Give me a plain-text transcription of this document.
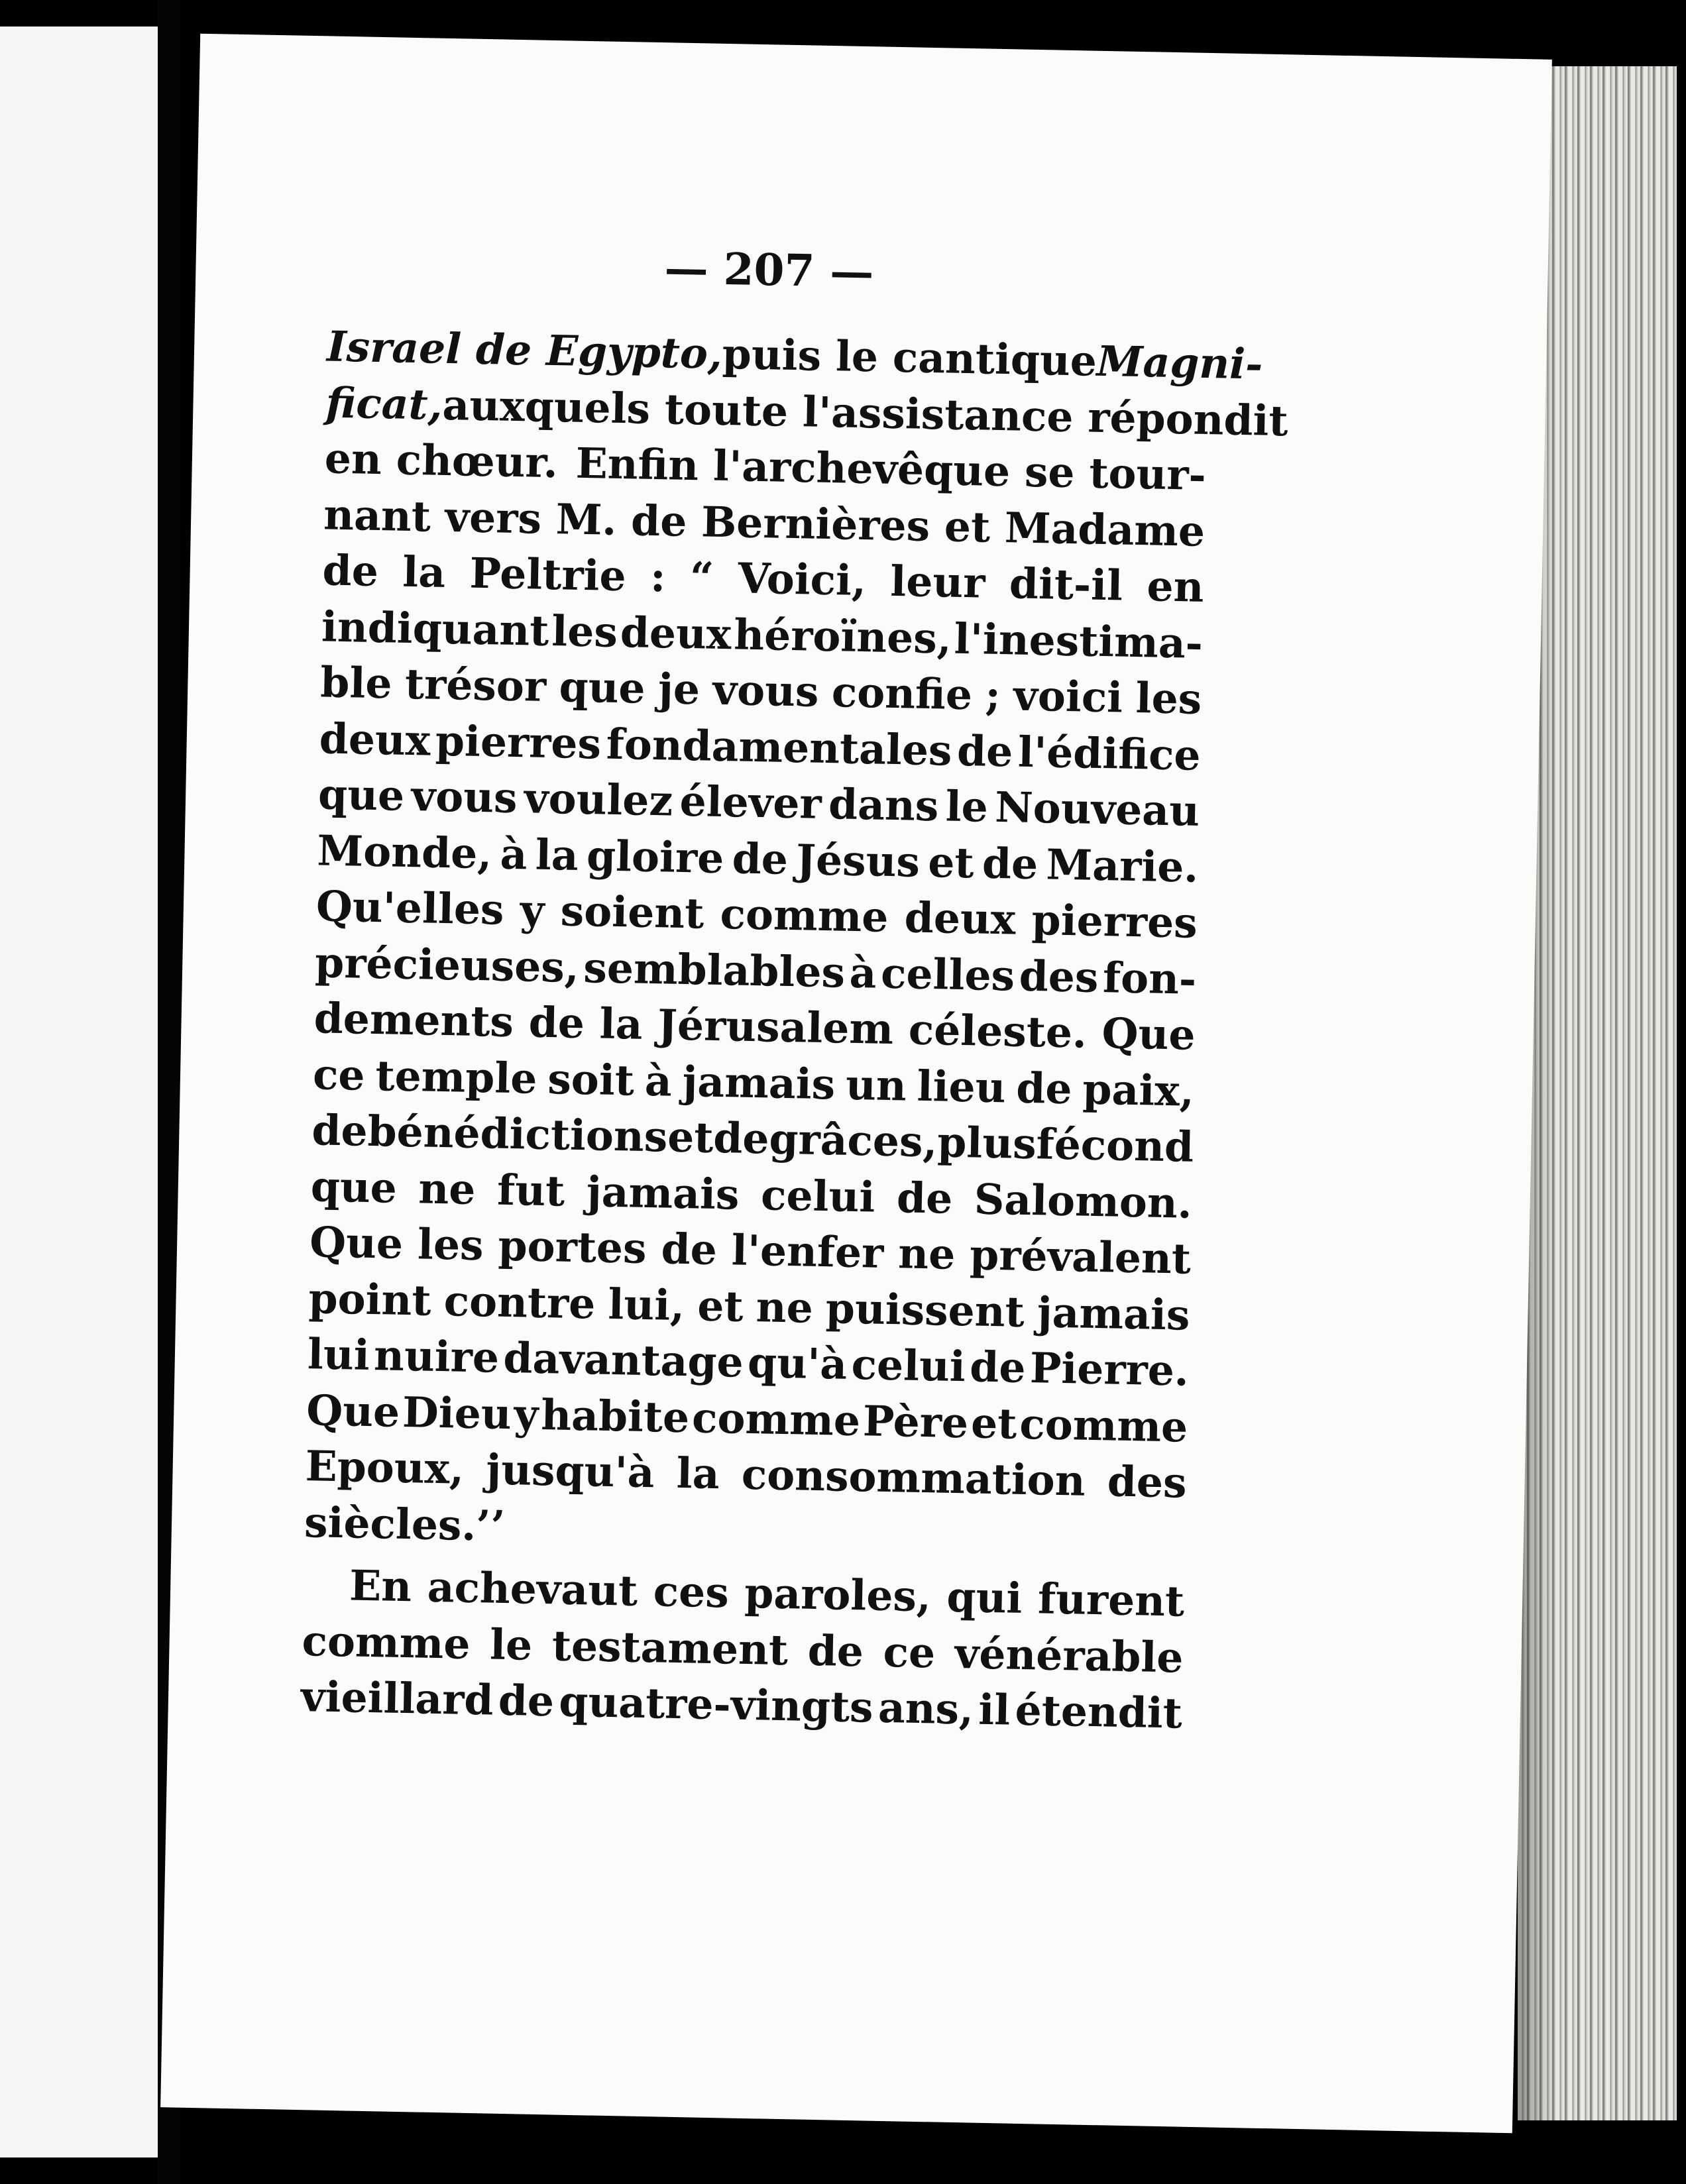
— 207 —
Israel de Egypto,
puis le cantique
Magni-
ficat,
auxquels toute l'assistance répondit
en chœur. Enfin l'archevêque se tour-
nant vers M. de Bernières et Madame
de la Peltrie : “ Voici, leur dit-il en
indiquant les deux héroïnes, l'inestima-
ble trésor que je vous confie ; voici les
deux pierres fondamentales de l'édifice
que vous voulez élever dans le Nouveau
Monde, à la gloire de Jésus et de Marie.
Qu'elles y soient comme deux pierres
précieuses, semblables à celles des fon-
dements de la Jérusalem céleste. Que
ce temple soit à jamais un lieu de paix,
de
bénédictions
et
de
grâces,
plus
fécond
que ne fut jamais celui de Salomon.
Que les portes de l'enfer ne prévalent
point contre lui, et ne puissent jamais
lui nuire davantage qu'à celui de Pierre.
Que Dieu y habite comme Père et comme
Epoux, jusqu'à la consommation des
siècles.’’
En achevaut ces paroles, qui furent
comme le testament de ce vénérable
vieillard de quatre-vingts ans, il étendit
